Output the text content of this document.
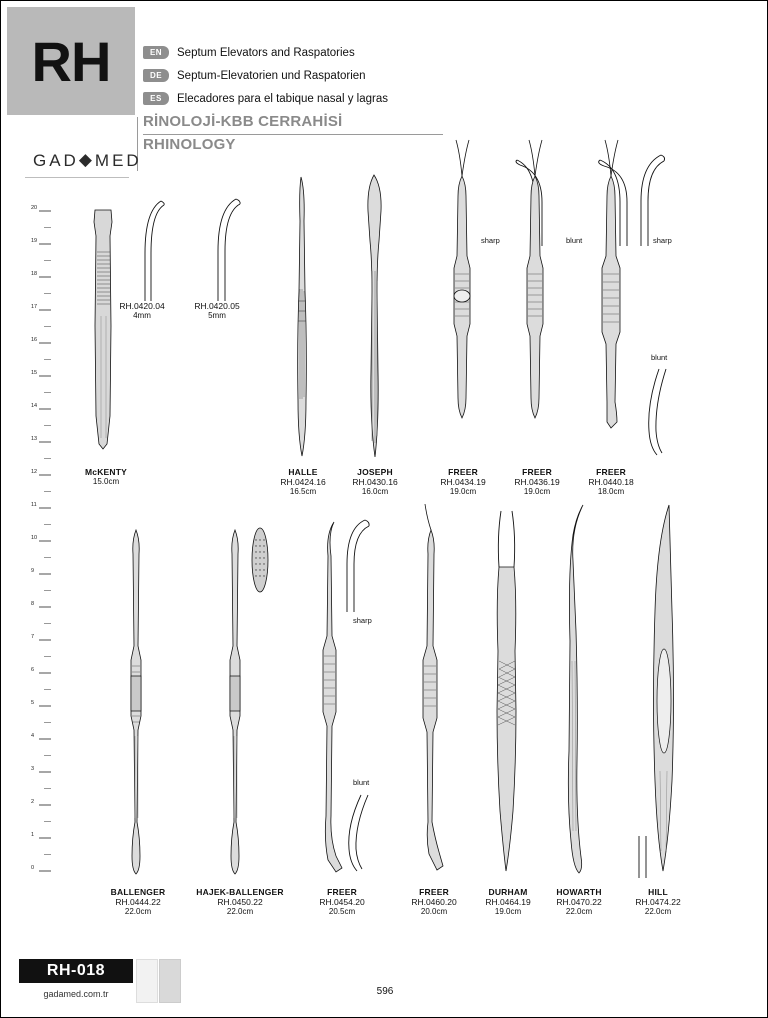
RH	EN	Septum Elevators and Raspatories
DE	Septum-Elevatorien und Raspatorien
ES	Elecadores para el tabique nasal y lagras
RİNOLOJİ-KBB CERRAHİSİ
RHINOLOGY
GAD◆MED
20
19
18
17
16
15
14
13
12
11
10
9
8
7
6
5
4
3
2
1
0
RH.0420.04
4mm
RH.0420.05
5mm
sharp	blunt	sharp
blunt
McKENTY
15.0cm
HALLE
RH.0424.16
16.5cm
JOSEPH
RH.0430.16
16.0cm
FREER
RH.0434.19
19.0cm
FREER
RH.0436.19
19.0cm
FREER
RH.0440.18
18.0cm
sharp
blunt
BALLENGER
RH.0444.22
22.0cm
HAJEK-BALLENGER
RH.0450.22
22.0cm
FREER
RH.0454.20
20.5cm
FREER
RH.0460.20
20.0cm
DURHAM
RH.0464.19
19.0cm
HOWARTH
RH.0470.22
22.0cm
HILL
RH.0474.22
22.0cm
RH-018
gadamed.com.tr	596
